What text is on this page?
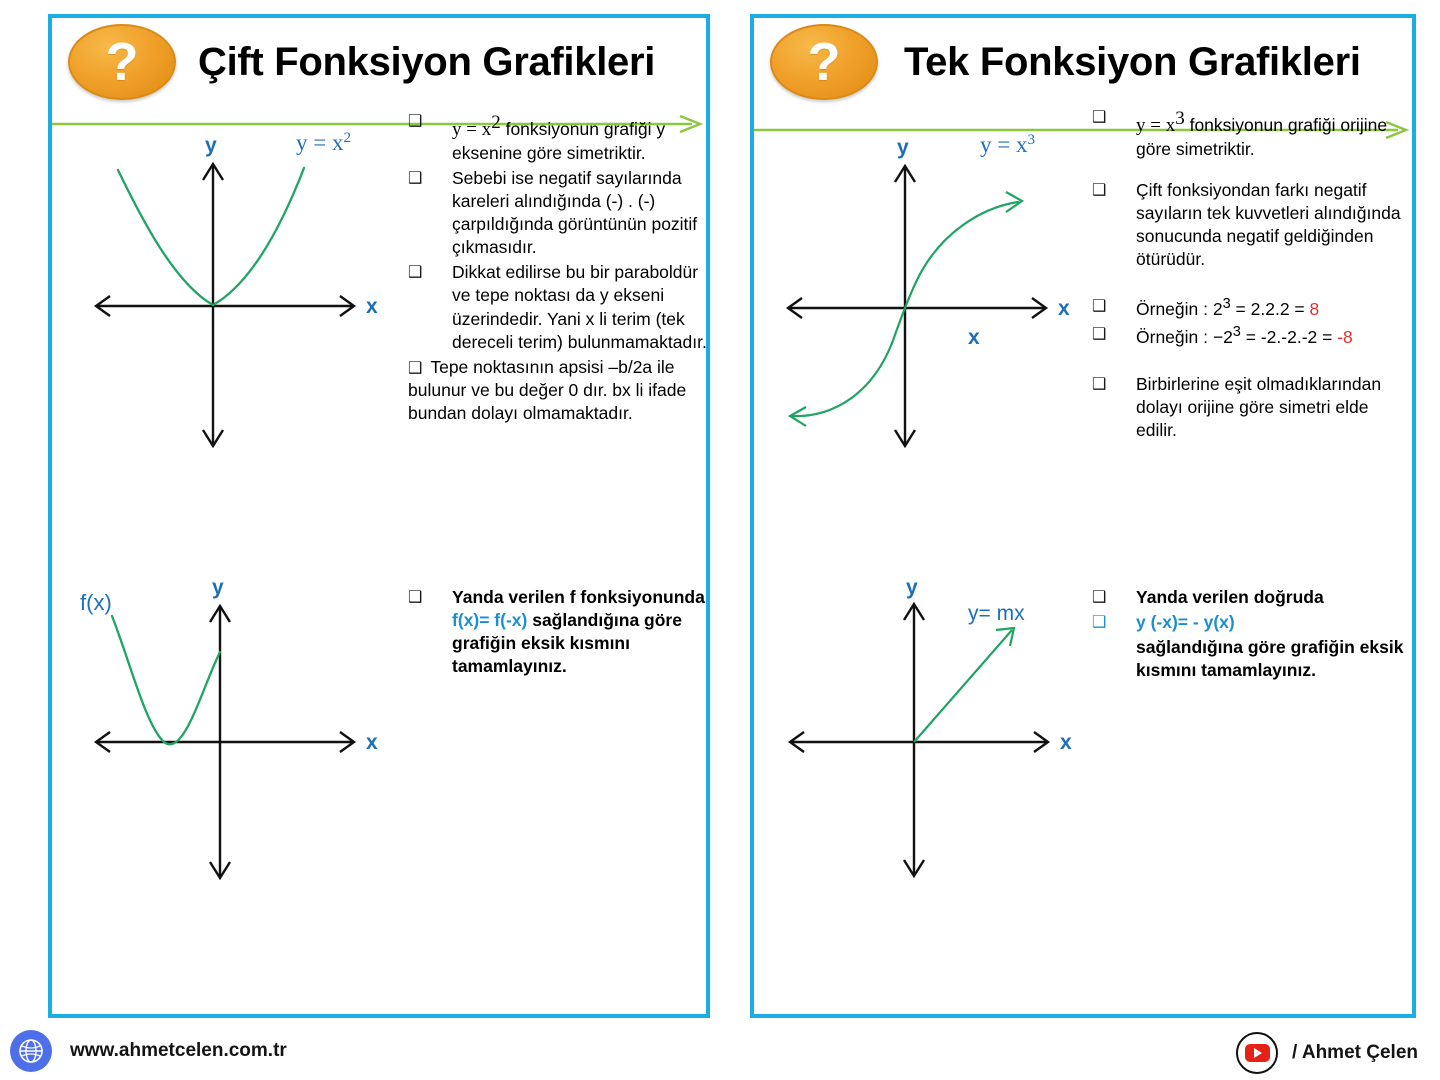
? Çift Fonksiyon Grafikleri
y
x
$y = x^2$
y
x
f(x)
❑	$y = x^2$ fonksiyonun grafiği y eksenine göre simetriktir.
❑	Sebebi ise negatif sayılarında kareleri alındığında (-) . (-) çarpıldığında görüntünün pozitif çıkmasıdır.
❑	Dikkat edilirse bu bir paraboldür ve tepe noktası da y ekseni üzerindedir. Yani x li terim (tek dereceli terim) bulunmamaktadır.
❑ Tepe noktasının apsisi –b/2a ile bulunur ve bu değer 0 dır. bx li ifade bundan dolayı olmamaktadır.
❑	Yanda verilen f fonksiyonunda f(x)= f(-x) sağlandığına göre grafiğin eksik kısmını tamamlayınız.
? Tek Fonksiyon Grafikleri
y
x
x
$y = x^3$
y
x
y= mx
❑	$y = x^3$ fonksiyonun grafiği orijine göre simetriktir.
❑	Çift fonksiyondan farkı negatif sayıların tek kuvvetleri alındığında sonucunda negatif geldiğinden ötürüdür.
❑	Örneğin : $2^3 = 2.2.2 = 8$
❑	Örneğin : $-2^3 = -2.-2.-2 = -8$
❑	Birbirlerine eşit olmadıklarından dolayı orijine göre simetri elde edilir.
❑	Yanda verilen doğruda
❑	y (-x)= - y(x)
sağlandığına göre grafiğin eksik kısmını tamamlayınız.
www.ahmetcelen.com.tr	/ Ahmet Çelen
